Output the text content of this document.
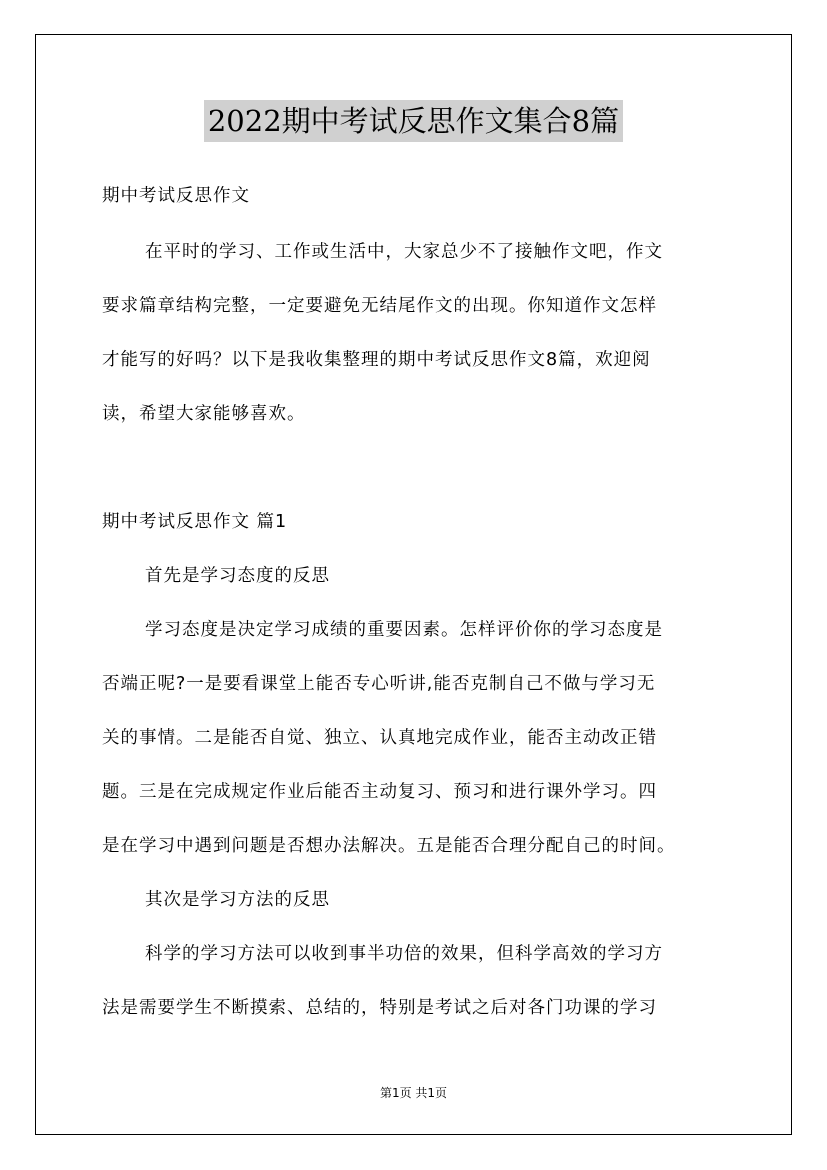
2022期中考试反思作文集合8篇
期中考试反思作文
在平时的学习、工作或生活中，大家总少不了接触作文吧，作文
要求篇章结构完整，一定要避免无结尾作文的出现。你知道作文怎样
才能写的好吗？以下是我收集整理的期中考试反思作文8篇，欢迎阅
读，希望大家能够喜欢。
期中考试反思作文 篇1
首先是学习态度的反思
学习态度是决定学习成绩的重要因素。怎样评价你的学习态度是
否端正呢?一是要看课堂上能否专心听讲,能否克制自己不做与学习无
关的事情。二是能否自觉、独立、认真地完成作业，能否主动改正错
题。三是在完成规定作业后能否主动复习、预习和进行课外学习。四
是在学习中遇到问题是否想办法解决。五是能否合理分配自己的时间。
其次是学习方法的反思
科学的学习方法可以收到事半功倍的效果，但科学高效的学习方
法是需要学生不断摸索、总结的，特别是考试之后对各门功课的学习
第1页 共1页
